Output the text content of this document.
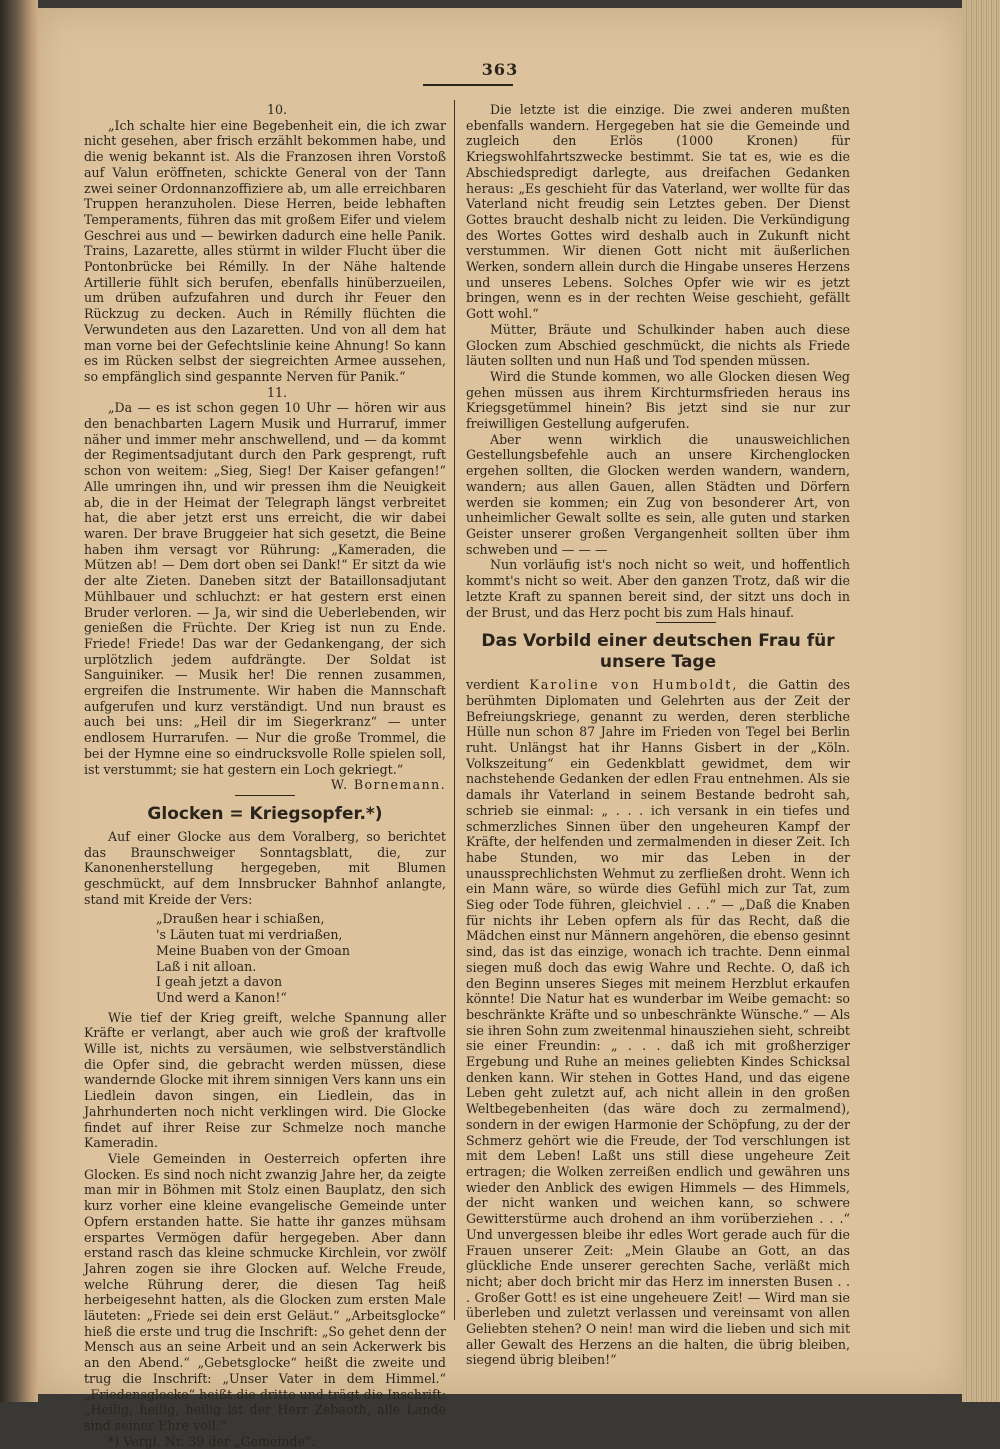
363

10.

„Ich schalte hier eine Begebenheit ein, die ich zwar nicht gesehen, aber frisch erzählt bekommen habe, und die wenig bekannt ist. Als die Franzosen ihren Vorstoß auf Valun eröffneten, schickte General von der Tann zwei seiner Ordonnanzoffiziere ab, um alle erreichbaren Truppen heranzuholen. Diese Herren, beide lebhaften Temperaments, führen das mit großem Eifer und vielem Geschrei aus und — bewirken dadurch eine helle Panik. Trains, Lazarette, alles stürmt in wilder Flucht über die Pontonbrücke bei Rémilly. In der Nähe haltende Artillerie fühlt sich berufen, ebenfalls hinüberzueilen, um drüben aufzufahren und durch ihr Feuer den Rückzug zu decken. Auch in Rémilly flüchten die Verwundeten aus den Lazaretten. Und von all dem hat man vorne bei der Gefechtslinie keine Ahnung! So kann es im Rücken selbst der siegreichten Armee aussehen, so empfänglich sind gespannte Nerven für Panik.“

11.

„Da — es ist schon gegen 10 Uhr — hören wir aus den benachbarten Lagern Musik und Hurraruf, immer näher und immer mehr anschwellend, und — da kommt der Regimentsadjutant durch den Park gesprengt, ruft schon von weitem: „Sieg, Sieg! Der Kaiser gefangen!“ Alle umringen ihn, und wir pressen ihm die Neuigkeit ab, die in der Heimat der Telegraph längst verbreitet hat, die aber jetzt erst uns erreicht, die wir dabei waren. Der brave Bruggeier hat sich gesetzt, die Beine haben ihm versagt vor Rührung: „Kameraden, die Mützen ab! — Dem dort oben sei Dank!“ Er sitzt da wie der alte Zieten. Daneben sitzt der Bataillonsadjutant Mühlbauer und schluchzt: er hat gestern erst einen Bruder verloren. — Ja, wir sind die Ueberlebenden, wir genießen die Früchte. Der Krieg ist nun zu Ende. Friede! Friede! Das war der Gedankengang, der sich urplötzlich jedem aufdrängte. Der Soldat ist Sanguiniker. — Musik her! Die rennen zusammen, ergreifen die Instrumente. Wir haben die Mannschaft aufgerufen und kurz verständigt. Und nun braust es auch bei uns: „Heil dir im Siegerkranz“ — unter endlosem Hurrarufen. — Nur die große Trommel, die bei der Hymne eine so eindrucksvolle Rolle spielen soll, ist verstummt; sie hat gestern ein Loch gekriegt.“

W. Bornemann.

Glocken = Kriegsopfer.*)

Auf einer Glocke aus dem Voralberg, so berichtet das Braunschweiger Sonntagsblatt, die, zur Kanonenherstellung hergegeben, mit Blumen geschmückt, auf dem Innsbrucker Bahnhof anlangte, stand mit Kreide der Vers:

„Draußen hear i schiaßen,
's Läuten tuat mi verdriaßen,
Meine Buaben von der Gmoan
Laß i nit alloan.
I geah jetzt a davon
Und werd a Kanon!“

Wie tief der Krieg greift, welche Spannung aller Kräfte er verlangt, aber auch wie groß der kraftvolle Wille ist, nichts zu versäumen, wie selbstverständlich die Opfer sind, die gebracht werden müssen, diese wandernde Glocke mit ihrem sinnigen Vers kann uns ein Liedlein davon singen, ein Liedlein, das in Jahrhunderten noch nicht verklingen wird. Die Glocke findet auf ihrer Reise zur Schmelze noch manche Kameradin.

Viele Gemeinden in Oesterreich opferten ihre Glocken. Es sind noch nicht zwanzig Jahre her, da zeigte man mir in Böhmen mit Stolz einen Bauplatz, den sich kurz vorher eine kleine evangelische Gemeinde unter Opfern erstanden hatte. Sie hatte ihr ganzes mühsam erspartes Vermögen dafür hergegeben. Aber dann erstand rasch das kleine schmucke Kirchlein, vor zwölf Jahren zogen sie ihre Glocken auf. Welche Freude, welche Rührung derer, die diesen Tag heiß herbeigesehnt hatten, als die Glocken zum ersten Male läuteten: „Friede sei dein erst Geläut.“ „Arbeitsglocke“ hieß die erste und trug die Inschrift: „So gehet denn der Mensch aus an seine Arbeit und an sein Ackerwerk bis an den Abend.“ „Gebetsglocke“ heißt die zweite und trug die Inschrift: „Unser Vater in dem Himmel.“ „Friedensglocke“ heißt die dritte und trägt die Inschrift: „Heilig, heilig, heilig ist der Herr Zebaoth, alle Lande sind seiner Ehre voll.“

*) Vergl. Nr. 39 der „Gemeinde“.

Die letzte ist die einzige. Die zwei anderen mußten ebenfalls wandern. Hergegeben hat sie die Gemeinde und zugleich den Erlös (1000 Kronen) für Kriegswohlfahrtszwecke bestimmt. Sie tat es, wie es die Abschiedspredigt darlegte, aus dreifachen Gedanken heraus: „Es geschieht für das Vaterland, wer wollte für das Vaterland nicht freudig sein Letztes geben. Der Dienst Gottes braucht deshalb nicht zu leiden. Die Verkündigung des Wortes Gottes wird deshalb auch in Zukunft nicht verstummen. Wir dienen Gott nicht mit äußerlichen Werken, sondern allein durch die Hingabe unseres Herzens und unseres Lebens. Solches Opfer wie wir es jetzt bringen, wenn es in der rechten Weise geschieht, gefällt Gott wohl.“

Mütter, Bräute und Schulkinder haben auch diese Glocken zum Abschied geschmückt, die nichts als Friede läuten sollten und nun Haß und Tod spenden müssen.

Wird die Stunde kommen, wo alle Glocken diesen Weg gehen müssen aus ihrem Kirchturmsfrieden heraus ins Kriegsgetümmel hinein? Bis jetzt sind sie nur zur freiwilligen Gestellung aufgerufen.

Aber wenn wirklich die unausweichlichen Gestellungsbefehle auch an unsere Kirchenglocken ergehen sollten, die Glocken werden wandern, wandern, wandern; aus allen Gauen, allen Städten und Dörfern werden sie kommen; ein Zug von besonderer Art, von unheimlicher Gewalt sollte es sein, alle guten und starken Geister unserer großen Vergangenheit sollten über ihm schweben und — — —

Nun vorläufig ist's noch nicht so weit, und hoffentlich kommt's nicht so weit. Aber den ganzen Trotz, daß wir die letzte Kraft zu spannen bereit sind, der sitzt uns doch in der Brust, und das Herz pocht bis zum Hals hinauf.

Das Vorbild einer deutschen Frau für
unsere Tage

verdient Karoline von Humboldt, die Gattin des berühmten Diplomaten und Gelehrten aus der Zeit der Befreiungskriege, genannt zu werden, deren sterbliche Hülle nun schon 87 Jahre im Frieden von Tegel bei Berlin ruht. Unlängst hat ihr Hanns Gisbert in der „Köln. Volkszeitung“ ein Gedenkblatt gewidmet, dem wir nachstehende Gedanken der edlen Frau entnehmen. Als sie damals ihr Vaterland in seinem Bestande bedroht sah, schrieb sie einmal: „ . . . ich versank in ein tiefes und schmerzliches Sinnen über den ungeheuren Kampf der Kräfte, der helfenden und zermalmenden in dieser Zeit. Ich habe Stunden, wo mir das Leben in der unaussprechlichsten Wehmut zu zerfließen droht. Wenn ich ein Mann wäre, so würde dies Gefühl mich zur Tat, zum Sieg oder Tode führen, gleichviel . . .“ — „Daß die Knaben für nichts ihr Leben opfern als für das Recht, daß die Mädchen einst nur Männern angehören, die ebenso gesinnt sind, das ist das einzige, wonach ich trachte. Denn einmal siegen muß doch das ewig Wahre und Rechte. O, daß ich den Beginn unseres Sieges mit meinem Herzblut erkaufen könnte! Die Natur hat es wunderbar im Weibe gemacht: so beschränkte Kräfte und so unbeschränkte Wünsche.“ — Als sie ihren Sohn zum zweitenmal hinausziehen sieht, schreibt sie einer Freundin: „ . . . daß ich mit großherziger Ergebung und Ruhe an meines geliebten Kindes Schicksal denken kann. Wir stehen in Gottes Hand, und das eigene Leben geht zuletzt auf, ach nicht allein in den großen Weltbegebenheiten (das wäre doch zu zermalmend), sondern in der ewigen Harmonie der Schöpfung, zu der der Schmerz gehört wie die Freude, der Tod verschlungen ist mit dem Leben! Laßt uns still diese ungeheure Zeit ertragen; die Wolken zerreißen endlich und gewähren uns wieder den Anblick des ewigen Himmels — des Himmels, der nicht wanken und weichen kann, so schwere Gewitterstürme auch drohend an ihm vorüberziehen . . .“ Und unvergessen bleibe ihr edles Wort gerade auch für die Frauen unserer Zeit: „Mein Glaube an Gott, an das glückliche Ende unserer gerechten Sache, verläßt mich nicht; aber doch bricht mir das Herz im innersten Busen . . . Großer Gott! es ist eine ungeheuere Zeit! — Wird man sie überleben und zuletzt verlassen und vereinsamt von allen Geliebten stehen? O nein! man wird die lieben und sich mit aller Gewalt des Herzens an die halten, die übrig bleiben, siegend übrig bleiben!“
